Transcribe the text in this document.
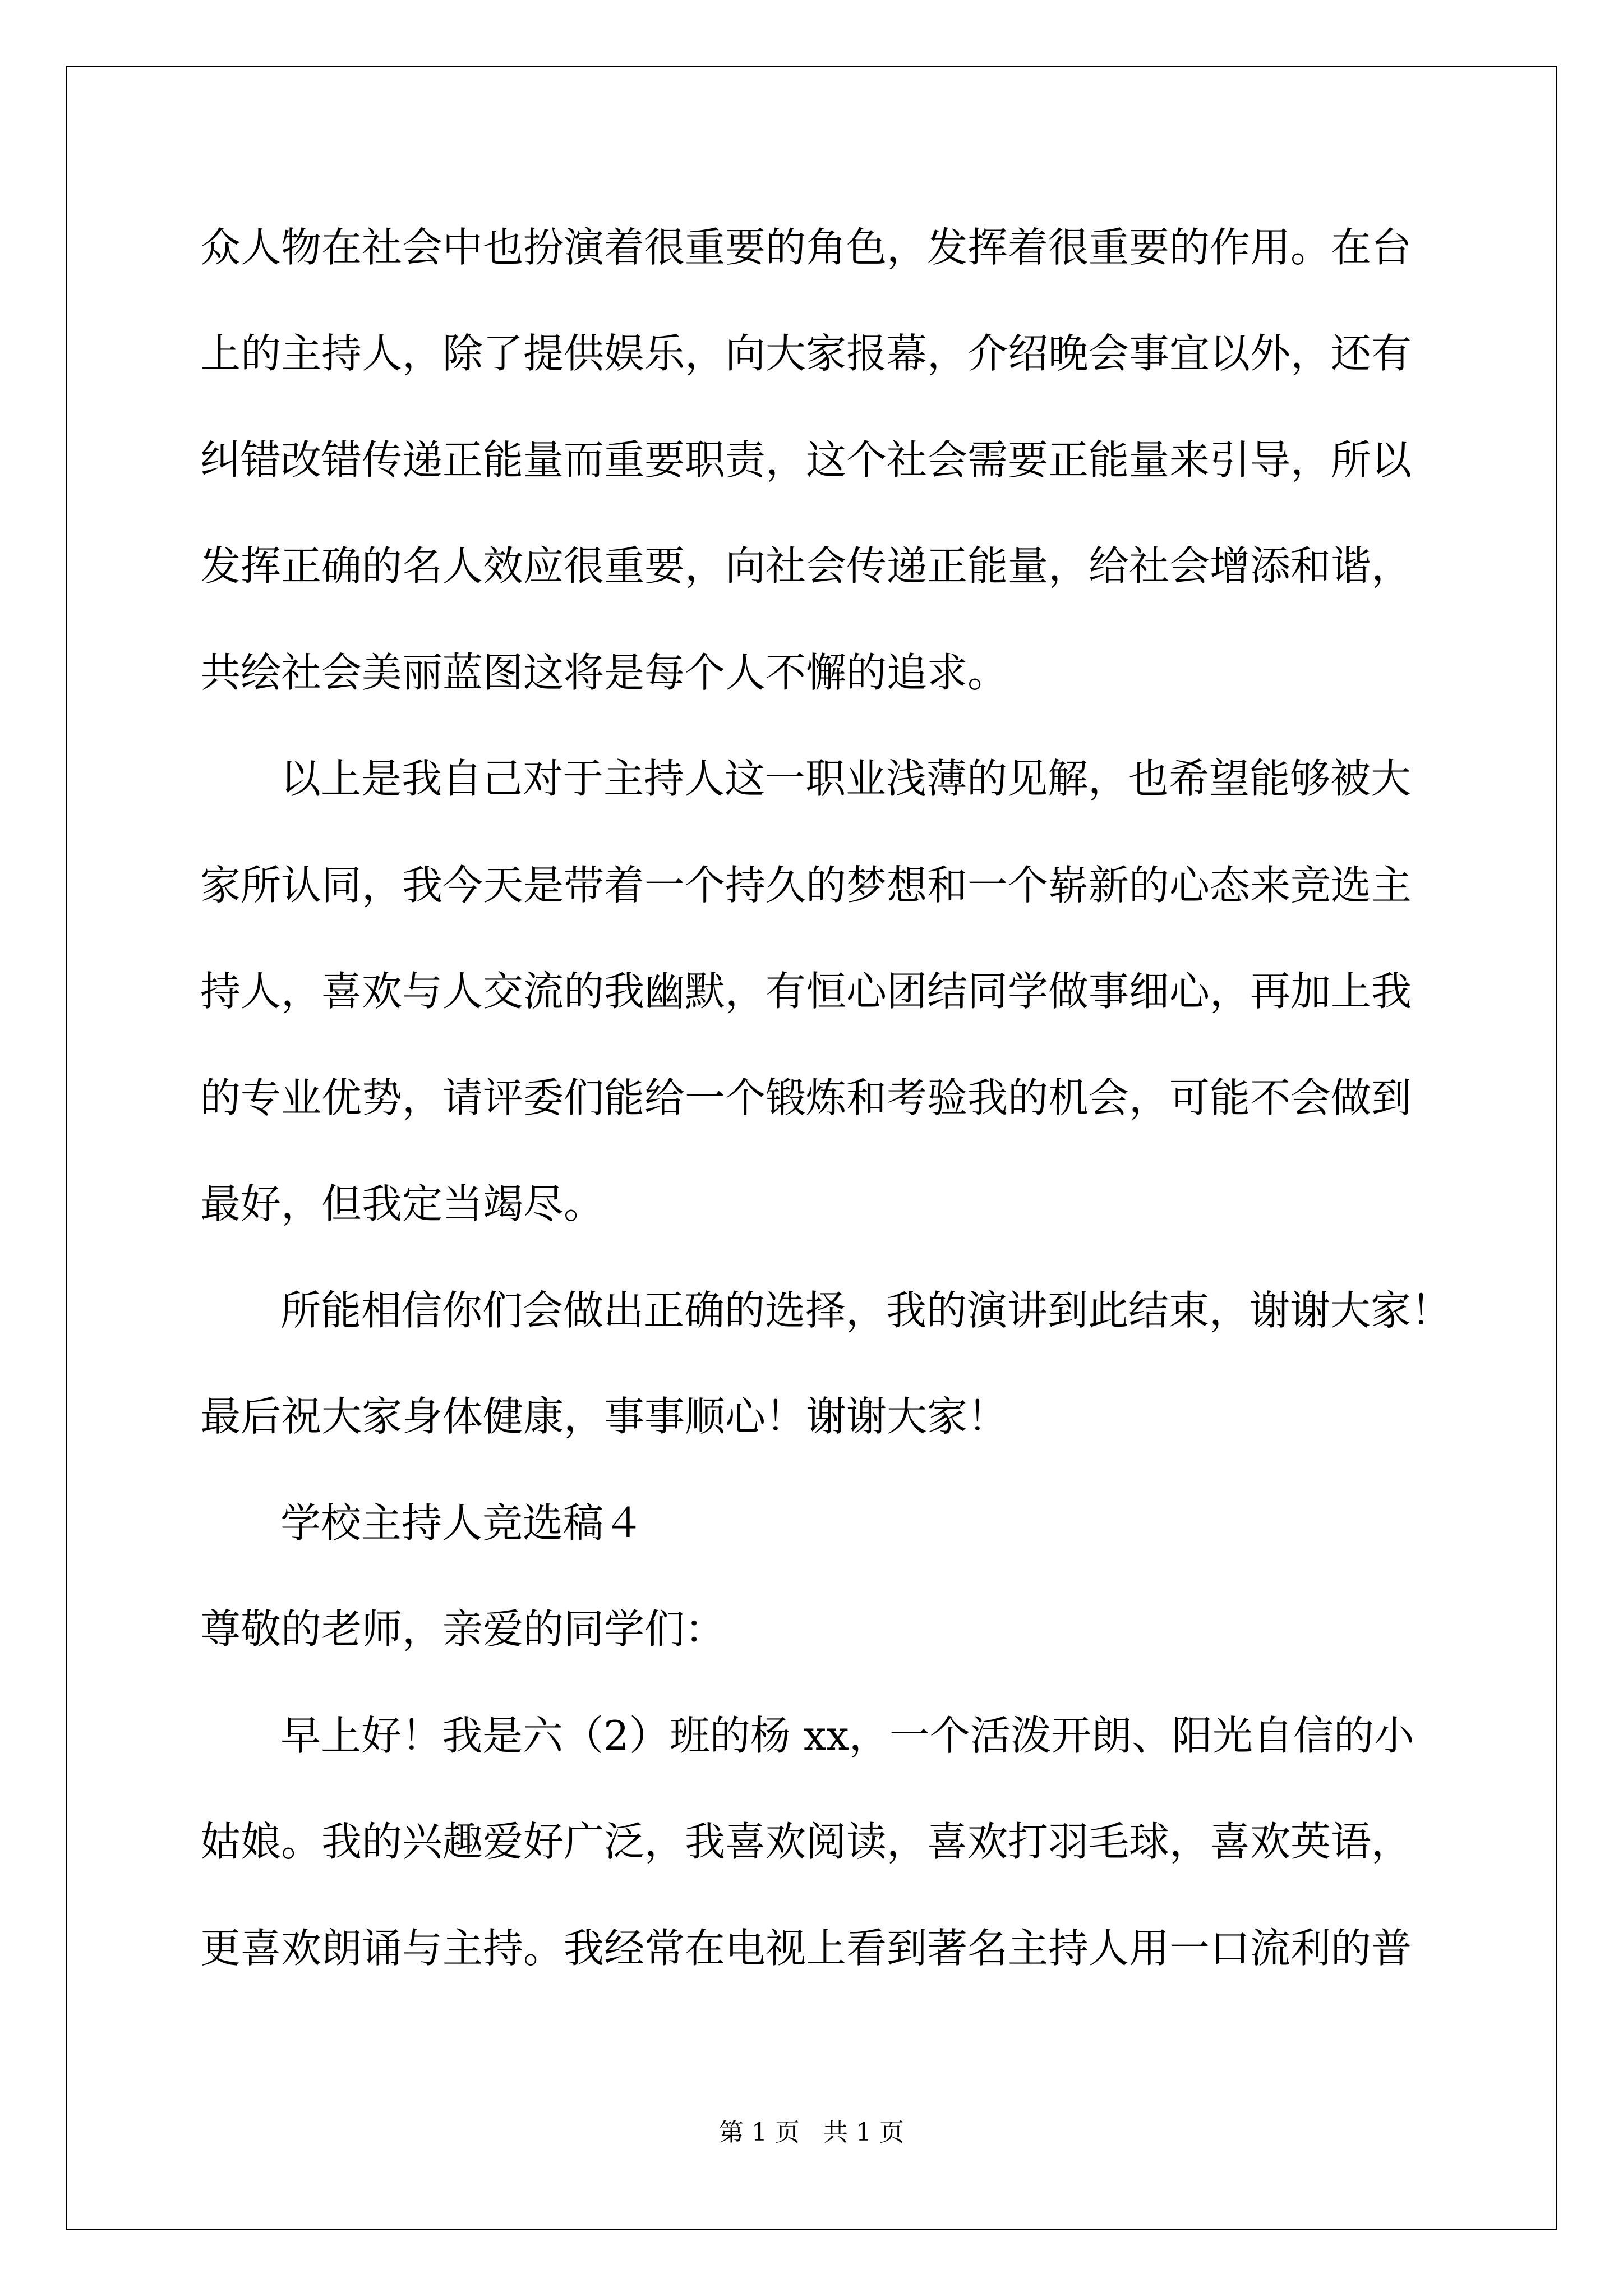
众人物在社会中也扮演着很重要的角色，发挥着很重要的作用。在台
上的主持人，除了提供娱乐，向大家报幕，介绍晚会事宜以外，还有
纠错改错传递正能量而重要职责，这个社会需要正能量来引导，所以
发挥正确的名人效应很重要，向社会传递正能量，给社会增添和谐，
共绘社会美丽蓝图这将是每个人不懈的追求。
以上是我自己对于主持人这一职业浅薄的见解，也希望能够被大
家所认同，我今天是带着一个持久的梦想和一个崭新的心态来竞选主
持人，喜欢与人交流的我幽默，有恒心团结同学做事细心，再加上我
的专业优势，请评委们能给一个锻炼和考验我的机会，可能不会做到
最好，但我定当竭尽。
所能相信你们会做出正确的选择，我的演讲到此结束，谢谢大家！
最后祝大家身体健康，事事顺心！谢谢大家！
学校主持人竞选稿４
尊敬的老师，亲爱的同学们：
早上好！我是六（2）班的杨 xx，一个活泼开朗、阳光自信的小
姑娘。我的兴趣爱好广泛，我喜欢阅读，喜欢打羽毛球，喜欢英语，
更喜欢朗诵与主持。我经常在电视上看到著名主持人用一口流利的普
第 1 页   共 1 页
